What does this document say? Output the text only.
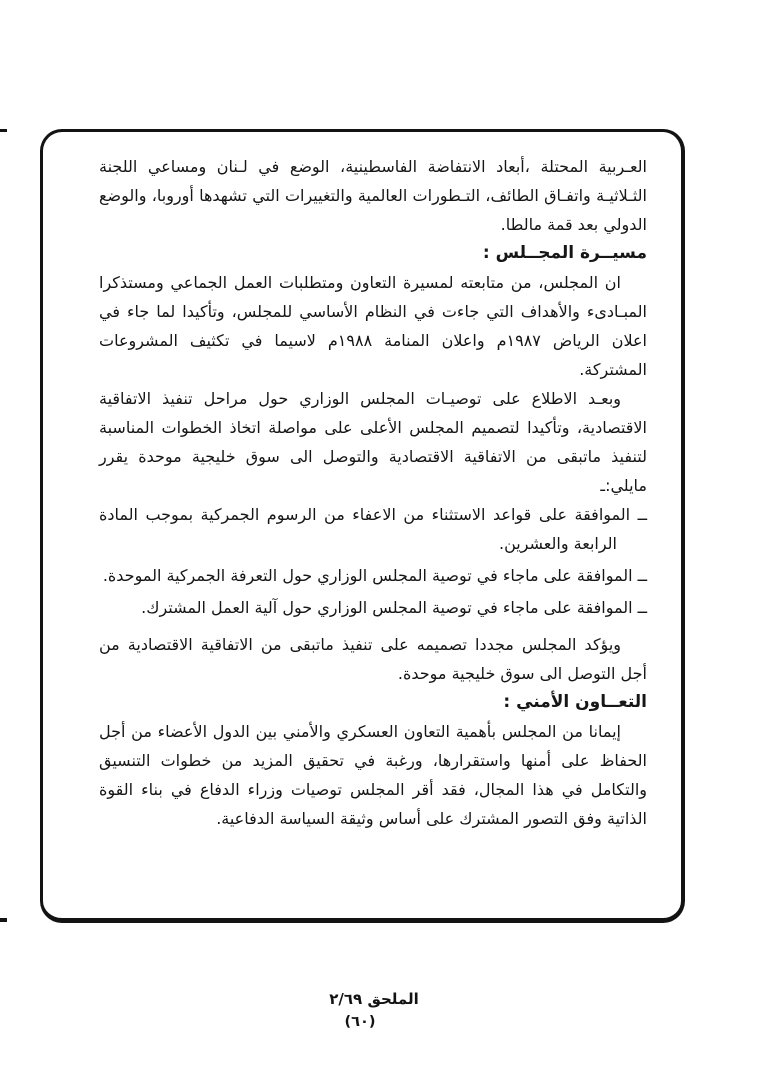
العـربية المحتلة ،أبعاد الانتفاضة الفاسطينية، الوضع في لـنان ومساعي اللجنة الثـلاثيـة واتفـاق الطائف، التـطورات العالمية والتغييرات التي تشهدها أوروبا، والوضع الدولي بعد قمة مالطا.

مسيــرة المجــلس :

ان المجلس، من متابعته لمسيرة التعاون ومتطلبات العمل الجماعي ومستذكرا المبـادىء والأهداف التي جاءت في النظام الأساسي للمجلس، وتأكيدا لما جاء في اعلان الرياض ١٩٨٧م واعلان المنامة ١٩٨٨م لاسيما في تكثيف المشروعات المشتركة.

وبعـد الاطلاع على توصيـات المجلس الوزاري حول مراحل تنفيذ الاتفاقية الاقتصادية، وتأكيدا لتصميم المجلس الأعلى على مواصلة اتخاذ الخطوات المناسبة لتنفيذ ماتبقى من الاتفاقية الاقتصادية والتوصل الى سوق خليجية موحدة يقرر مايلي:ـ

ــ الموافقة على قواعد الاستثناء من الاعفاء من الرسوم الجمركية بموجب المادة الرابعة والعشرين.
ــ الموافقة على ماجاء في توصية المجلس الوزاري حول التعرفة الجمركية الموحدة.
ــ الموافقة على ماجاء في توصية المجلس الوزاري حول آلية العمل المشترك.

ويؤكد المجلس مجددا تصميمه على تنفيذ ماتبقى من الاتفاقية الاقتصادية من أجل التوصل الى سوق خليجية موحدة.

التعــاون الأمني :

إيمانا من المجلس بأهمية التعاون العسكري والأمني بين الدول الأعضاء من أجل الحفاظ على أمنها واستقرارها، ورغبة في تحقيق المزيد من خطوات التنسيق والتكامل في هذا المجال، فقد أقر المجلس توصيات وزراء الدفاع في بناء القوة الذاتية وفق التصور المشترك على أساس وثيقة السياسة الدفاعية.

الملحق ٢/٦٩
(٦٠)
